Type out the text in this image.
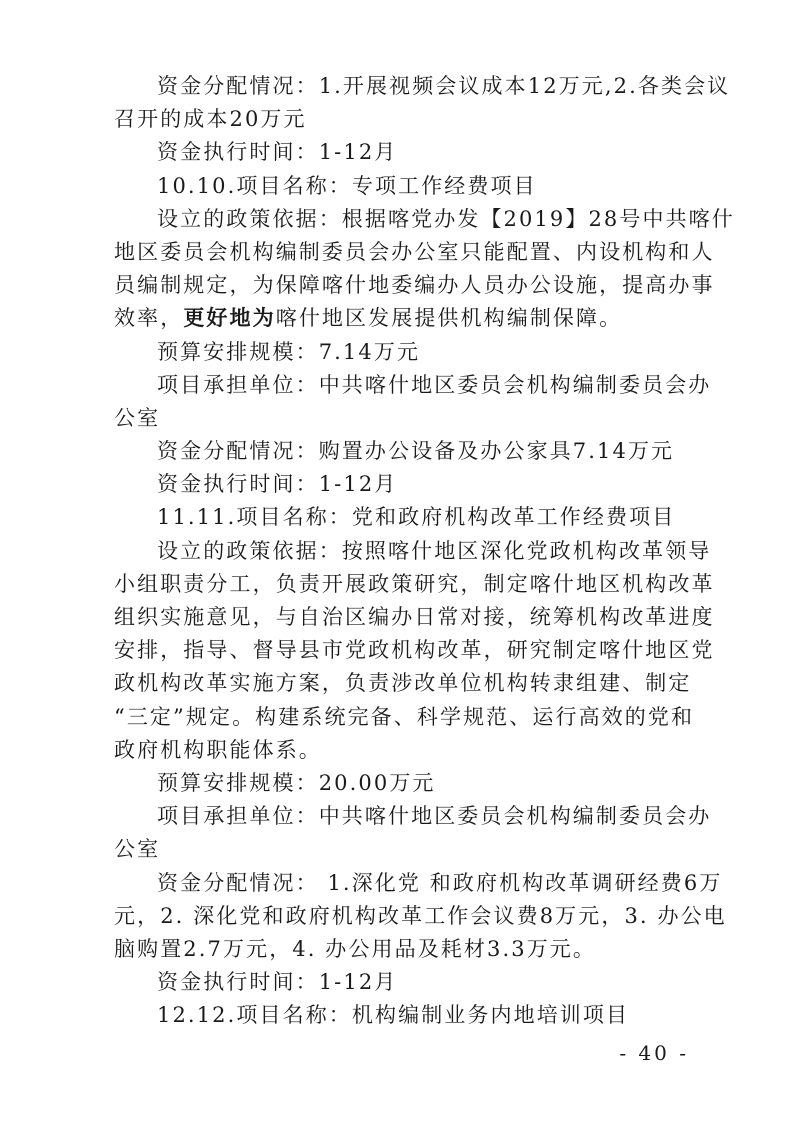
资金分配情况：1.开展视频会议成本12万元,2.各类会议
召开的成本20万元
资金执行时间：1-12月
10.10.项目名称：专项工作经费项目
设立的政策依据：根据喀党办发【2019】28号中共喀什
地区委员会机构编制委员会办公室只能配置、内设机构和人
员编制规定，为保障喀什地委编办人员办公设施，提高办事
效率，更好地为喀什地区发展提供机构编制保障。
预算安排规模：7.14万元
项目承担单位：中共喀什地区委员会机构编制委员会办
公室
资金分配情况：购置办公设备及办公家具7.14万元
资金执行时间：1-12月
11.11.项目名称：党和政府机构改革工作经费项目
设立的政策依据：按照喀什地区深化党政机构改革领导
小组职责分工，负责开展政策研究，制定喀什地区机构改革
组织实施意见，与自治区编办日常对接，统筹机构改革进度
安排，指导、督导县市党政机构改革，研究制定喀什地区党
政机构改革实施方案，负责涉改单位机构转隶组建、制定
“三定”规定。构建系统完备、科学规范、运行高效的党和
政府机构职能体系。
预算安排规模：20.00万元
项目承担单位：中共喀什地区委员会机构编制委员会办
公室
资金分配情况： 1.深化党 和政府机构改革调研经费6万
元，2. 深化党和政府机构改革工作会议费8万元，3. 办公电
脑购置2.7万元，4. 办公用品及耗材3.3万元。
资金执行时间：1-12月
12.12.项目名称：机构编制业务内地培训项目
- 40 -
